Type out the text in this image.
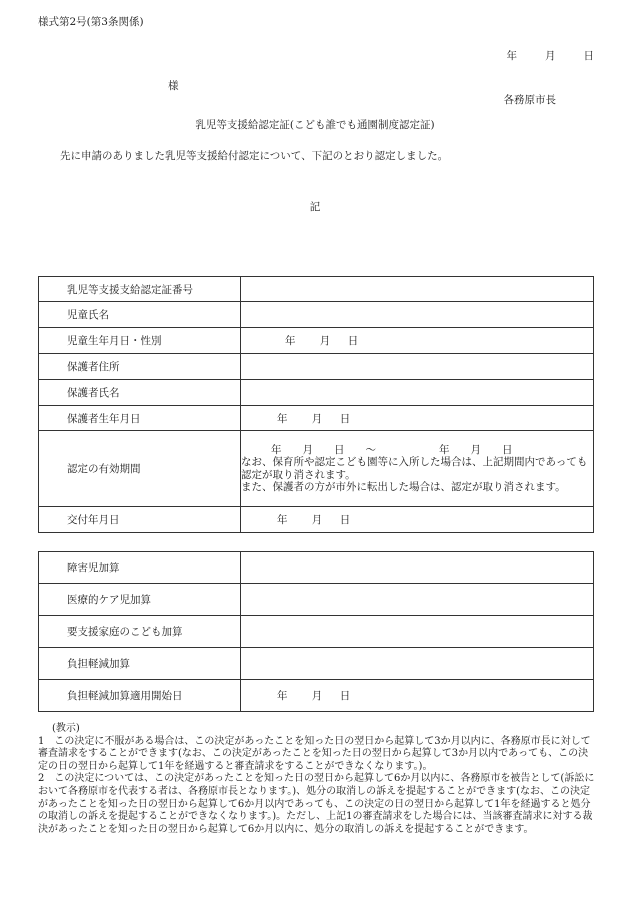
様式第2号(第3条関係)
年	月	日
様
各務原市長
乳児等支援給認定証(こども誰でも通園制度認定証)
先に申請のありました乳児等支援給付認定について、下記のとおり認定しました。
記
乳児等支援支給認定証番号	
児童氏名	
児童生年月日・性別	年 月 日
保護者住所	
保護者氏名	
保護者生年月日	年 月 日
認定の有効期間	年　　月　　日　　～　　　　　　年　　月　　日
なお、保育所や認定こども園等に入所した場合は、上記期間内であっても認定が取り消されます。
また、保護者の方が市外に転出した場合は、認定が取り消されます。

交付年月日	年 月 日
障害児加算	
医療的ケア児加算	
要支援家庭のこども加算	
負担軽減加算	
負担軽減加算適用開始日	年 月 日

(教示)

1　この決定に不服がある場合は、この決定があったことを知った日の翌日から起算して3か月以内に、各務原市長に対して審査請求をすることができます(なお、この決定があったことを知った日の翌日から起算して3か月以内であっても、この決定の日の翌日から起算して1年を経過すると審査請求をすることができなくなります。)。

2　この決定については、この決定があったことを知った日の翌日から起算して6か月以内に、各務原市を被告として(訴訟において各務原市を代表する者は、各務原市長となります。)、処分の取消しの訴えを提起することができます(なお、この決定があったことを知った日の翌日から起算して6か月以内であっても、この決定の日の翌日から起算して1年を経過すると処分の取消しの訴えを提起することができなくなります。)。ただし、上記1の審査請求をした場合には、当該審査請求に対する裁決があったことを知った日の翌日から起算して6か月以内に、処分の取消しの訴えを提起することができます。
